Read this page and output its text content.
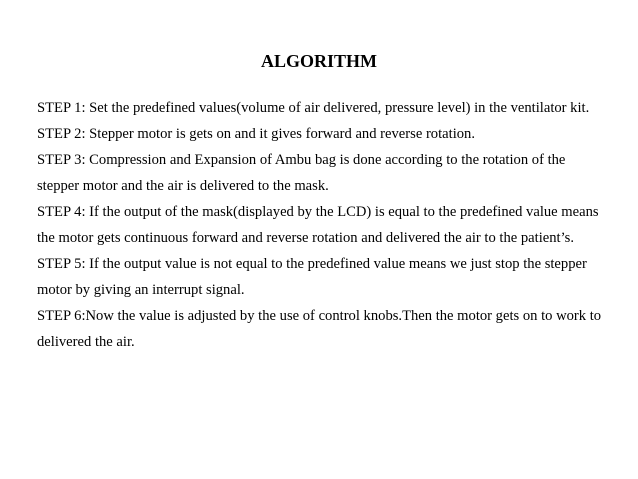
ALGORITHM

STEP 1: Set the predefined values(volume of air delivered, pressure level) in the ventilator kit.

STEP 2: Stepper motor is gets on and it gives forward and reverse rotation.

STEP 3: Compression and Expansion of Ambu bag is done according to the rotation of the stepper motor and the air is delivered to the mask.

STEP 4: If the output of the mask(displayed by the LCD) is equal to the predefined value means the motor gets continuous forward and reverse rotation and delivered the air to the patient’s.

STEP 5: If the output value is not equal to the predefined value means we just stop the stepper motor by giving an interrupt signal.

STEP 6:Now the value is adjusted by the use of control knobs.Then the motor gets on to work to delivered the air.
